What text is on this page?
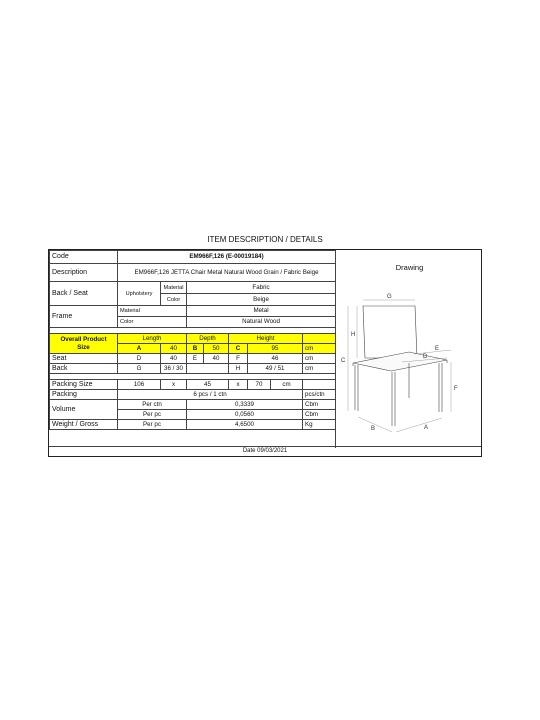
ITEM DESCRIPTION / DETAILS
Code	EM966F,126 (E-00019184)							
Description	EM966F,126 JETTA Chair Metal Natural Wood Grain / Fabric Beige							
Back / Seat	Upholstery	Material	Fabric					
		Color	Beige					
Frame	Material		Metal					
	Color		Natural Wood					

Overall Product
Size	Length		Depth		Height			
	A	40	B	50	C	95		cm
Seat	D	40	E	40	F	46		cm
Back	G	36 / 30			H	49 / 51		cm

Packing Size	106	x	45		x	70	cm	
Packing	6 pcs / 1 ctn							pcs/ctn
Volume	Per ctn		0,3339					Cbm
	Per pc		0,0560					Cbm
Weight / Gross	Per pc		4,6500					Kg
Drawing
G
H
C
E
D
F
B	A
Date 09/03/2021
